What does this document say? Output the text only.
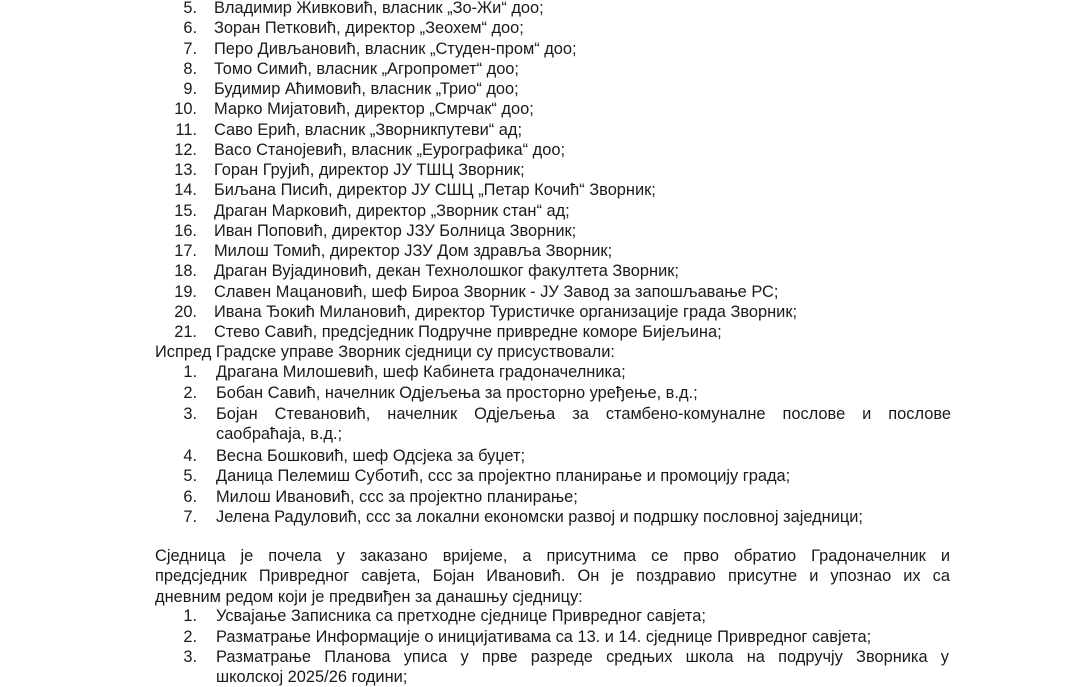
5. Владимир Живковић, власник „Зо-Жи“ доо;
6. Зоран Петковић, директор „Зеохем“ доо;
7. Перо Дивљановић, власник „Студен-пром“ доо;
8. Томо Симић, власник „Агропромет“ доо;
9. Будимир Аћимовић, власник „Трио“ доо;
10. Марко Мијатовић, директор „Смрчак“ доо;
11. Саво Ерић, власник „Зворникпутеви“ ад;
12. Васо Станојевић, власник „Еурографика“ доо;
13. Горан Грујић, директор ЈУ ТШЦ Зворник;
14. Биљана Писић, директор ЈУ СШЦ „Петар Кочић“ Зворник;
15. Драган Марковић, директор „Зворник стан“ ад;
16. Иван Поповић, директор ЈЗУ Болница Зворник;
17. Милош Томић, директор ЈЗУ Дом здравља Зворник;
18. Драган Вујадиновић, декан Технолошког факултета Зворник;
19. Славен Мацановић, шеф Бироа Зворник - ЈУ Завод за запошљавање РС;
20. Ивана Ђокић Милановић, директор Туристичке организације града Зворник;
21. Стево Савић, предсједник Подручне привредне коморе Бијељина;
Испред Градске управе Зворник сједници су присуствовали:
1. Драгана Милошевић, шеф Кабинета градоначелника;
2. Бобан Савић, начелник Одјељења за просторно уређење, в.д.;
3. Бојан Стевановић, начелник Одјељења за стамбено-комуналне послове и послове
саобраћаја, в.д.;
4. Весна Бошковић, шеф Одсјека за буџет;
5. Даница Пелемиш Суботић, ссс за пројектно планирање и промоцију града;
6. Милош Ивановић, ссс за пројектно планирање;
7. Јелена Радуловић, ссс за локални економски развој и подршку пословној заједници;
Сједница је почела у заказано вријеме, а присутнима се прво обратио Градоначелник и
предсједник Привредног савјета, Бојан Ивановић. Он је поздравио присутне и упознао их са
дневним редом који је предвиђен за данашњу сједницу:
1. Усвајање Записника са претходне сједнице Привредног савјета;
2. Разматрање Информације о иницијативама са 13. и 14. сједнице Привредног савјета;
3. Разматрање Планова уписа у прве разреде средњих школа на подручју Зворника у
школској 2025/26 години;
